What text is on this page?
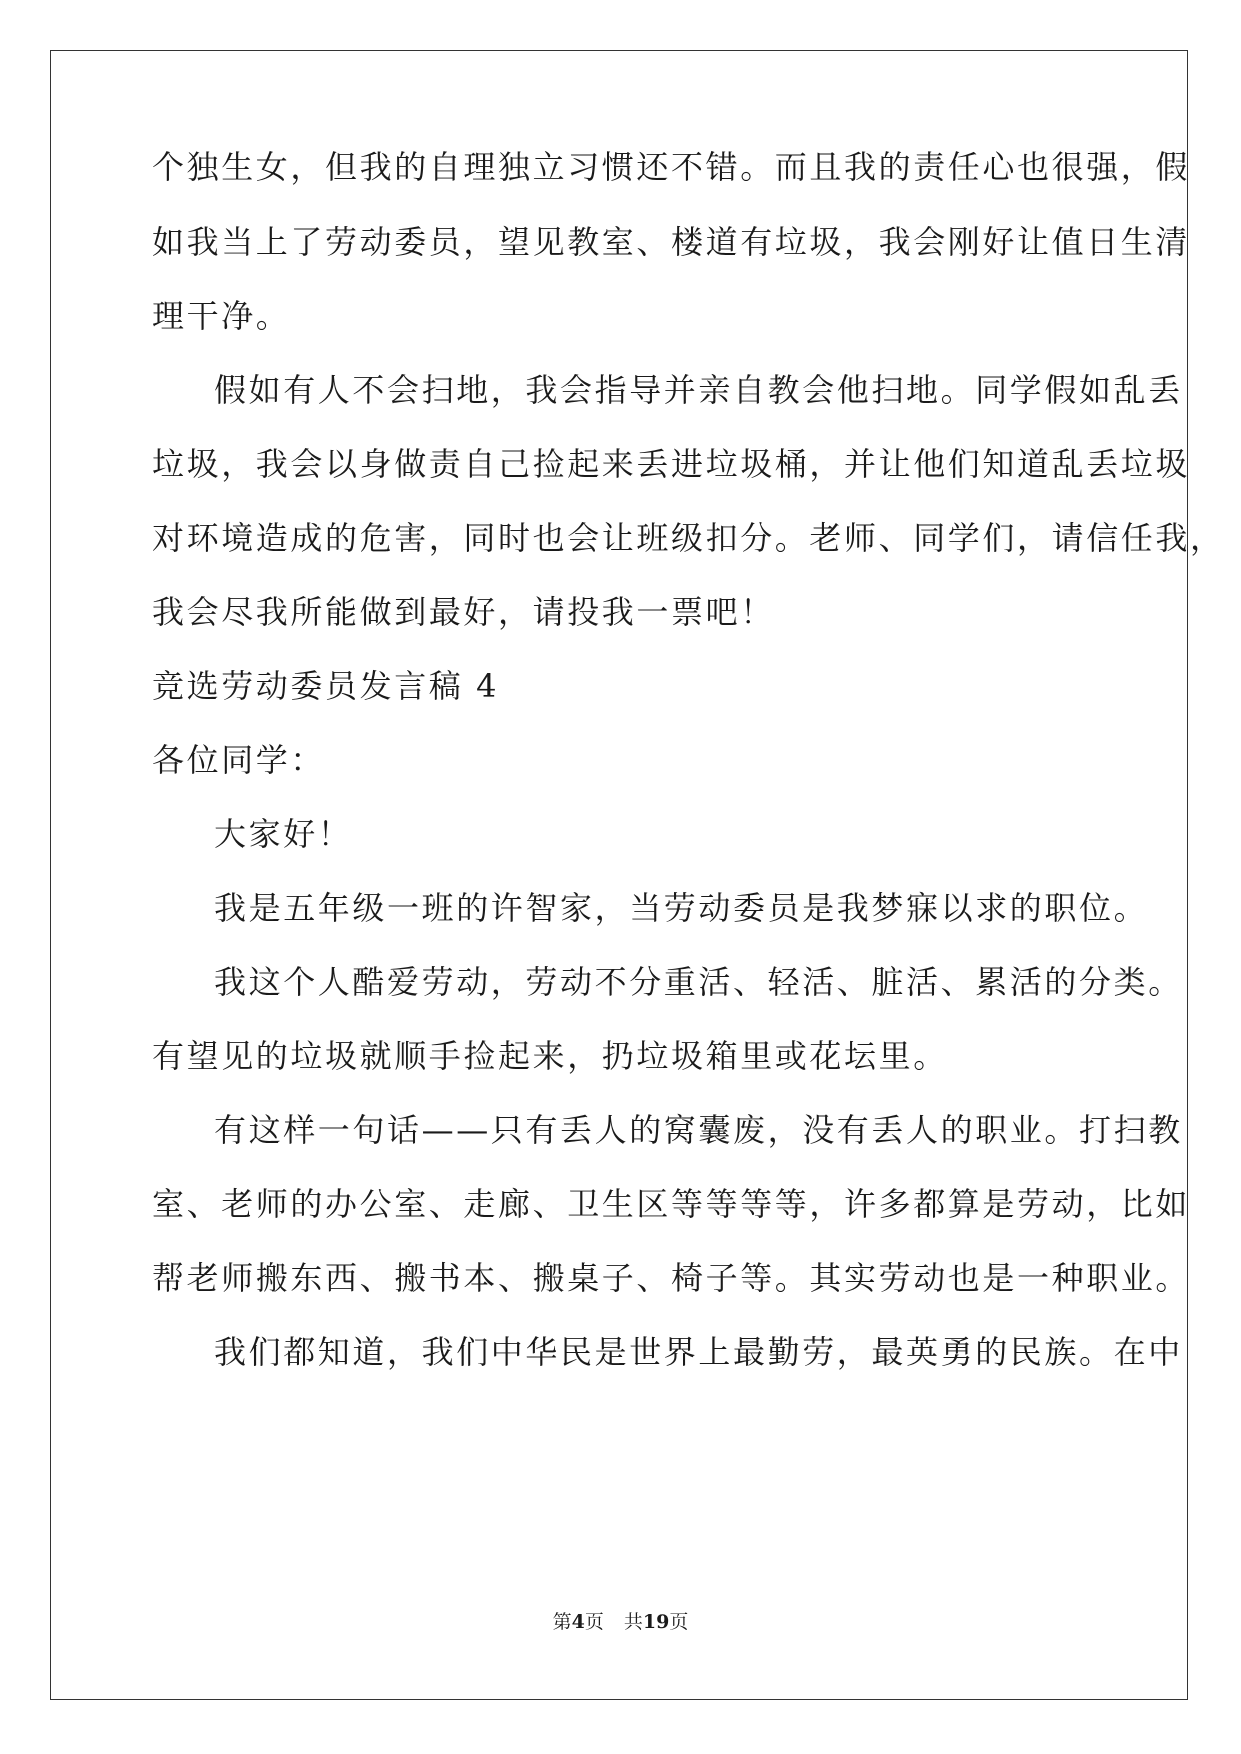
个独生女，但我的自理独立习惯还不错。而且我的责任心也很强，假
如我当上了劳动委员，望见教室、楼道有垃圾，我会刚好让值日生清
理干净。
假如有人不会扫地，我会指导并亲自教会他扫地。同学假如乱丢
垃圾，我会以身做责自己捡起来丢进垃圾桶，并让他们知道乱丢垃圾
对环境造成的危害，同时也会让班级扣分。老师、同学们，请信任我，
我会尽我所能做到最好，请投我一票吧！
竞选劳动委员发言稿 4
各位同学：
大家好！
我是五年级一班的许智家，当劳动委员是我梦寐以求的职位。
我这个人酷爱劳动，劳动不分重活、轻活、脏活、累活的分类。
有望见的垃圾就顺手捡起来，扔垃圾箱里或花坛里。
有这样一句话——只有丢人的窝囊废，没有丢人的职业。打扫教
室、老师的办公室、走廊、卫生区等等等等，许多都算是劳动，比如
帮老师搬东西、搬书本、搬桌子、椅子等。其实劳动也是一种职业。
我们都知道，我们中华民是世界上最勤劳，最英勇的民族。在中
第4页 共19页
